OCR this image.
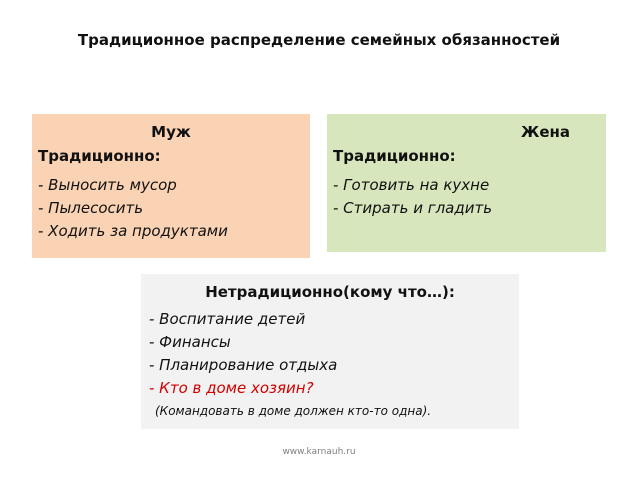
Традиционное распределение семейных обязанностей

Муж

Традиционно:

- Выносить мусор

- Пылесосить

- Ходить за продуктами

Жена

Традиционно:

- Готовить на кухне

- Стирать и гладить

Нетрадиционно(кому что…):

- Воспитание детей

- Финансы

- Планирование отдыха

- Кто в доме хозяин?

(Командовать в доме должен кто-то одна).

www.karnauh.ru
